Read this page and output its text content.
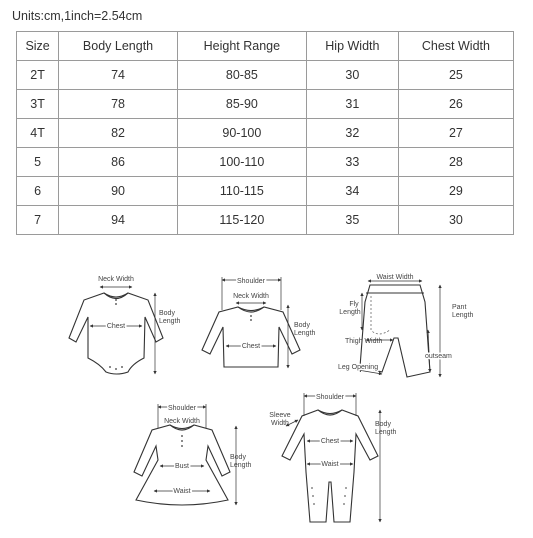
Units:cm,1inch=2.54cm
Size	Body Length	Height Range	Hip Width	Chest Width
2T	74	80-85	30	25
3T	78	85-90	31	26
4T	82	90-100	32	27
5	86	100-110	33	28
6	90	110-115	34	29
7	94	115-120	35	30
Neck Width
Chest
Body
Length
Shoulder
Neck Width
Chest
Body
Length
Waist Width
Fly
Length
Pant
Length
Thigh Width
outseam
Leg Opening
Shoulder
Neck Width
Bust
Waist
Body
Length
Shoulder
Sleeve
Width
Chest
Waist
Body
Length
